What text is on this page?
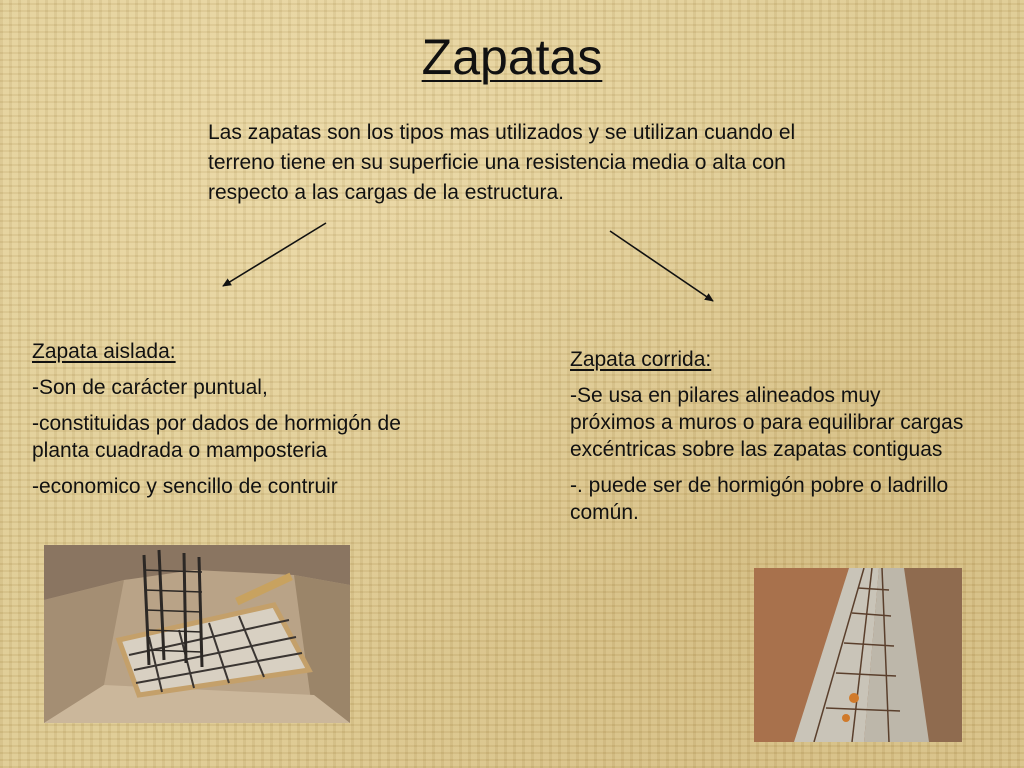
Zapatas
Las zapatas son los tipos mas utilizados y se utilizan cuando el terreno tiene en su superficie una resistencia media o alta con respecto a las cargas de la estructura.

Zapata aislada:

-Son de carácter puntual,

-constituidas por dados de hormigón de planta cuadrada o mamposteria

-economico y sencillo de contruir

Zapata corrida:

-Se usa en pilares alineados muy próximos a muros o para equilibrar cargas excéntricas sobre las zapatas contiguas

-. puede ser de hormigón pobre o ladrillo común.
